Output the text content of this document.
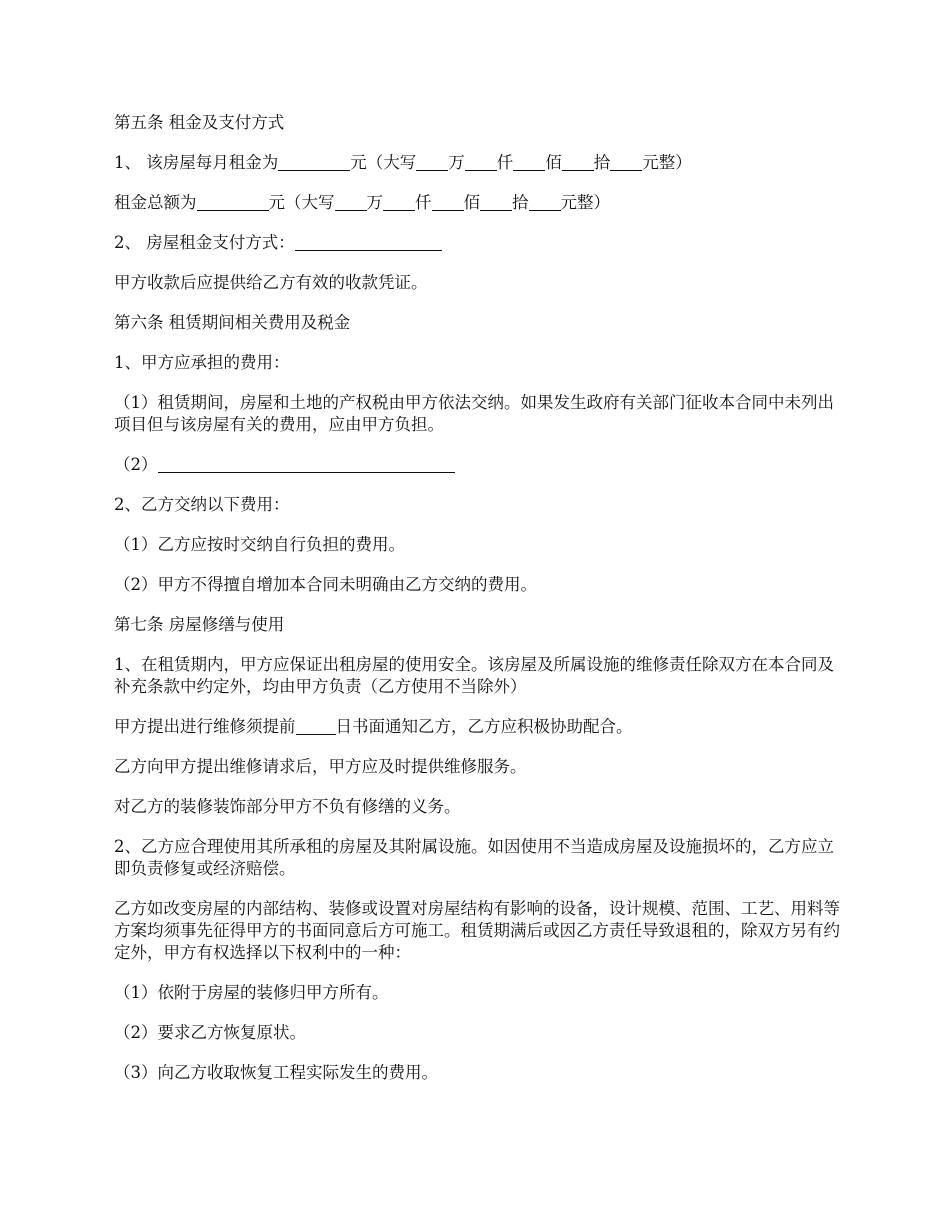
第五条 租金及支付方式

1、 该房屋每月租金为	元（大写 万 仟 佰 拾 元整）

租金总额为	元（大写 万 仟 佰 拾 元整）

2、 房屋租金支付方式：

甲方收款后应提供给乙方有效的收款凭证。

第六条 租赁期间相关费用及税金

1、甲方应承担的费用：

（1）租赁期间，房屋和土地的产权税由甲方依法交纳。如果发生政府有关部门征收本合同中未列出项目但与该房屋有关的费用，应由甲方负担。

（2）

2、乙方交纳以下费用：

（1）乙方应按时交纳自行负担的费用。

（2）甲方不得擅自增加本合同未明确由乙方交纳的费用。

第七条 房屋修缮与使用

1、在租赁期内，甲方应保证出租房屋的使用安全。该房屋及所属设施的维修责任除双方在本合同及补充条款中约定外，均由甲方负责（乙方使用不当除外）

甲方提出进行维修须提前 日书面通知乙方，乙方应积极协助配合。

乙方向甲方提出维修请求后，甲方应及时提供维修服务。

对乙方的装修装饰部分甲方不负有修缮的义务。

2、乙方应合理使用其所承租的房屋及其附属设施。如因使用不当造成房屋及设施损坏的，乙方应立即负责修复或经济赔偿。

乙方如改变房屋的内部结构、装修或设置对房屋结构有影响的设备，设计规模、范围、工艺、用料等方案均须事先征得甲方的书面同意后方可施工。租赁期满后或因乙方责任导致退租的，除双方另有约定外，甲方有权选择以下权利中的一种：

（1）依附于房屋的装修归甲方所有。

（2）要求乙方恢复原状。

（3）向乙方收取恢复工程实际发生的费用。
